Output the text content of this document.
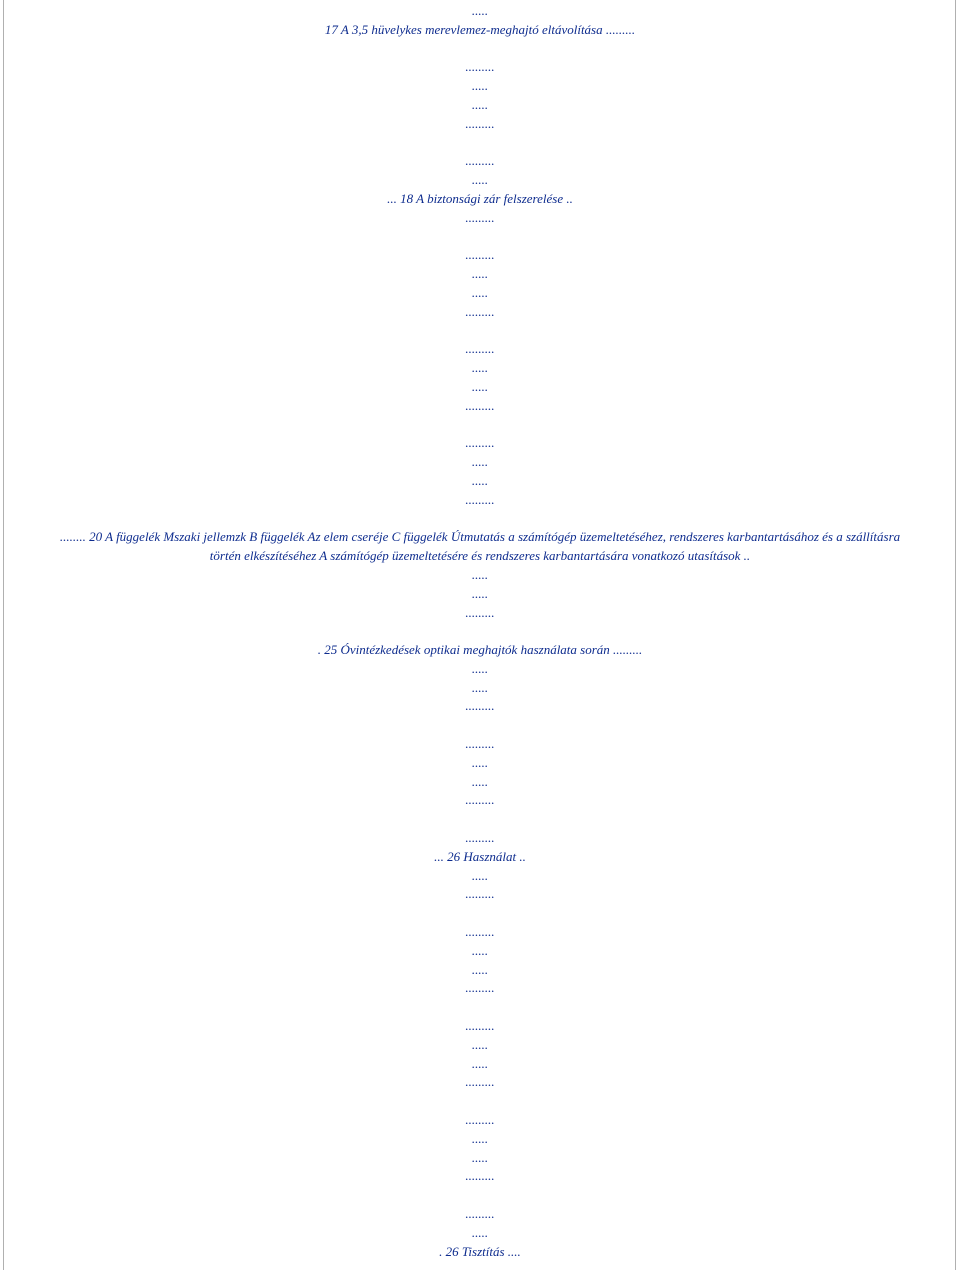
.....
17 A 3,5 hüvelykes merevlemez-meghajtó eltávolítása .........
.........
.....
.....
.........
.........
.....
... 18 A biztonsági zár felszerelése ..
.........
.........
.....
.....
.........
.........
.....
.....
.........
.........
.....
.....
.........
........ 20 A függelék Mszaki jellemzk B függelék Az elem cseréje C függelék Útmutatás a számítógép üzemeltetéséhez, rendszeres karbantartásához és a szállításra történ elkészítéséhez A számítógép üzemeltetésére és rendszeres karbantartására vonatkozó utasítások ..
.....
.....
.........
. 25 Óvintézkedések optikai meghajtók használata során .........
.....
.....
.........
.........
.....
.....
.........
.........
... 26 Használat ..
.....
.........
.........
.....
.....
.........
.........
.....
.....
.........
.........
.....
.....
.........
.........
.....
. 26 Tisztítás ....
